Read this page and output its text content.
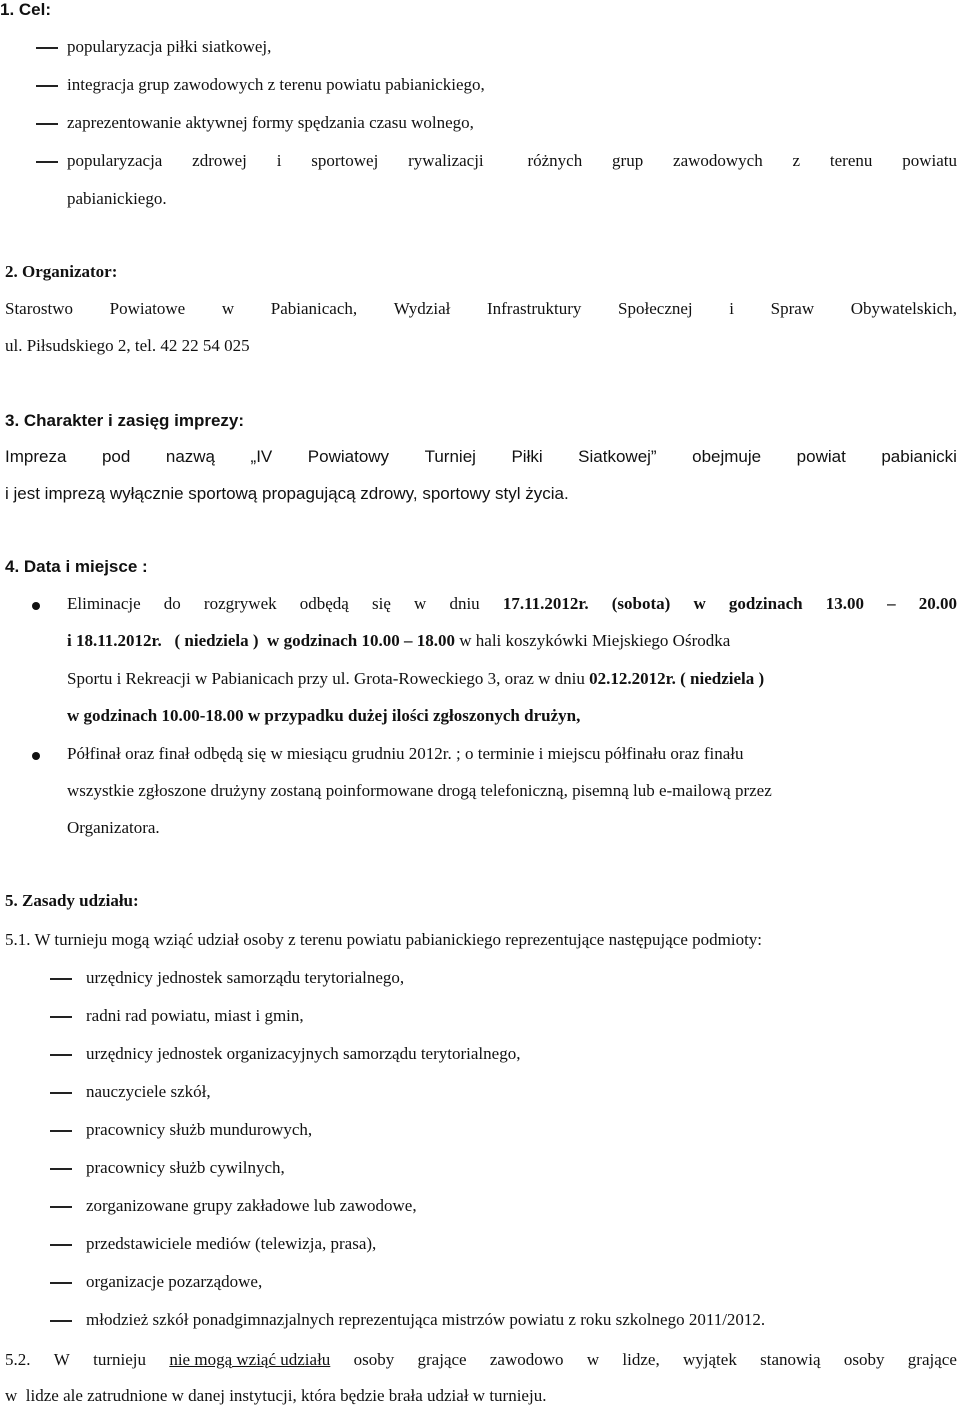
1. Cel:
popularyzacja piłki siatkowej,
integracja grup zawodowych z terenu powiatu pabianickiego,
zaprezentowanie aktywnej formy spędzania czasu wolnego,
popularyzacja zdrowej i sportowej rywalizacji	różnych grup zawodowych z terenu powiatu
pabianickiego.
2. Organizator:
Starostwo Powiatowe w Pabianicach, Wydział Infrastruktury Społecznej i Spraw Obywatelskich,
ul. Piłsudskiego 2, tel. 42 22 54 025
3. Charakter i zasięg imprezy:
Impreza pod nazwą „IV Powiatowy Turniej Piłki Siatkowej” obejmuje powiat pabianicki
i jest imprezą wyłącznie sportową propagującą zdrowy, sportowy styl życia.
4. Data i miejsce :
Eliminacje do rozgrywek odbędą się w dniu 17.11.2012r. (sobota) w godzinach 13.00 – 20.00
i 18.11.2012r.   ( niedziela )  w godzinach 10.00 – 18.00 w hali koszykówki Miejskiego Ośrodka
Sportu i Rekreacji w Pabianicach przy ul. Grota-Roweckiego 3, oraz w dniu 02.12.2012r. ( niedziela )
w godzinach 10.00-18.00 w przypadku dużej ilości zgłoszonych drużyn,
Półfinał oraz finał odbędą się w miesiącu grudniu 2012r. ; o terminie i miejscu półfinału oraz finału
wszystkie zgłoszone drużyny zostaną poinformowane drogą telefoniczną, pisemną lub e-mailową przez
Organizatora.
5. Zasady udziału:
5.1. W turnieju mogą wziąć udział osoby z terenu powiatu pabianickiego reprezentujące następujące podmioty:
urzędnicy jednostek samorządu terytorialnego,
radni rad powiatu, miast i gmin,
urzędnicy jednostek organizacyjnych samorządu terytorialnego,
nauczyciele szkół,
pracownicy służb mundurowych,
pracownicy służb cywilnych,
zorganizowane grupy zakładowe lub zawodowe,
przedstawiciele mediów (telewizja, prasa),
organizacje pozarządowe,
młodzież szkół ponadgimnazjalnych reprezentująca mistrzów powiatu z roku szkolnego 2011/2012.
5.2. W turnieju nie mogą wziąć udziału osoby grające zawodowo w lidze, wyjątek stanowią osoby grające
w  lidze ale zatrudnione w danej instytucji, która będzie brała udział w turnieju.
